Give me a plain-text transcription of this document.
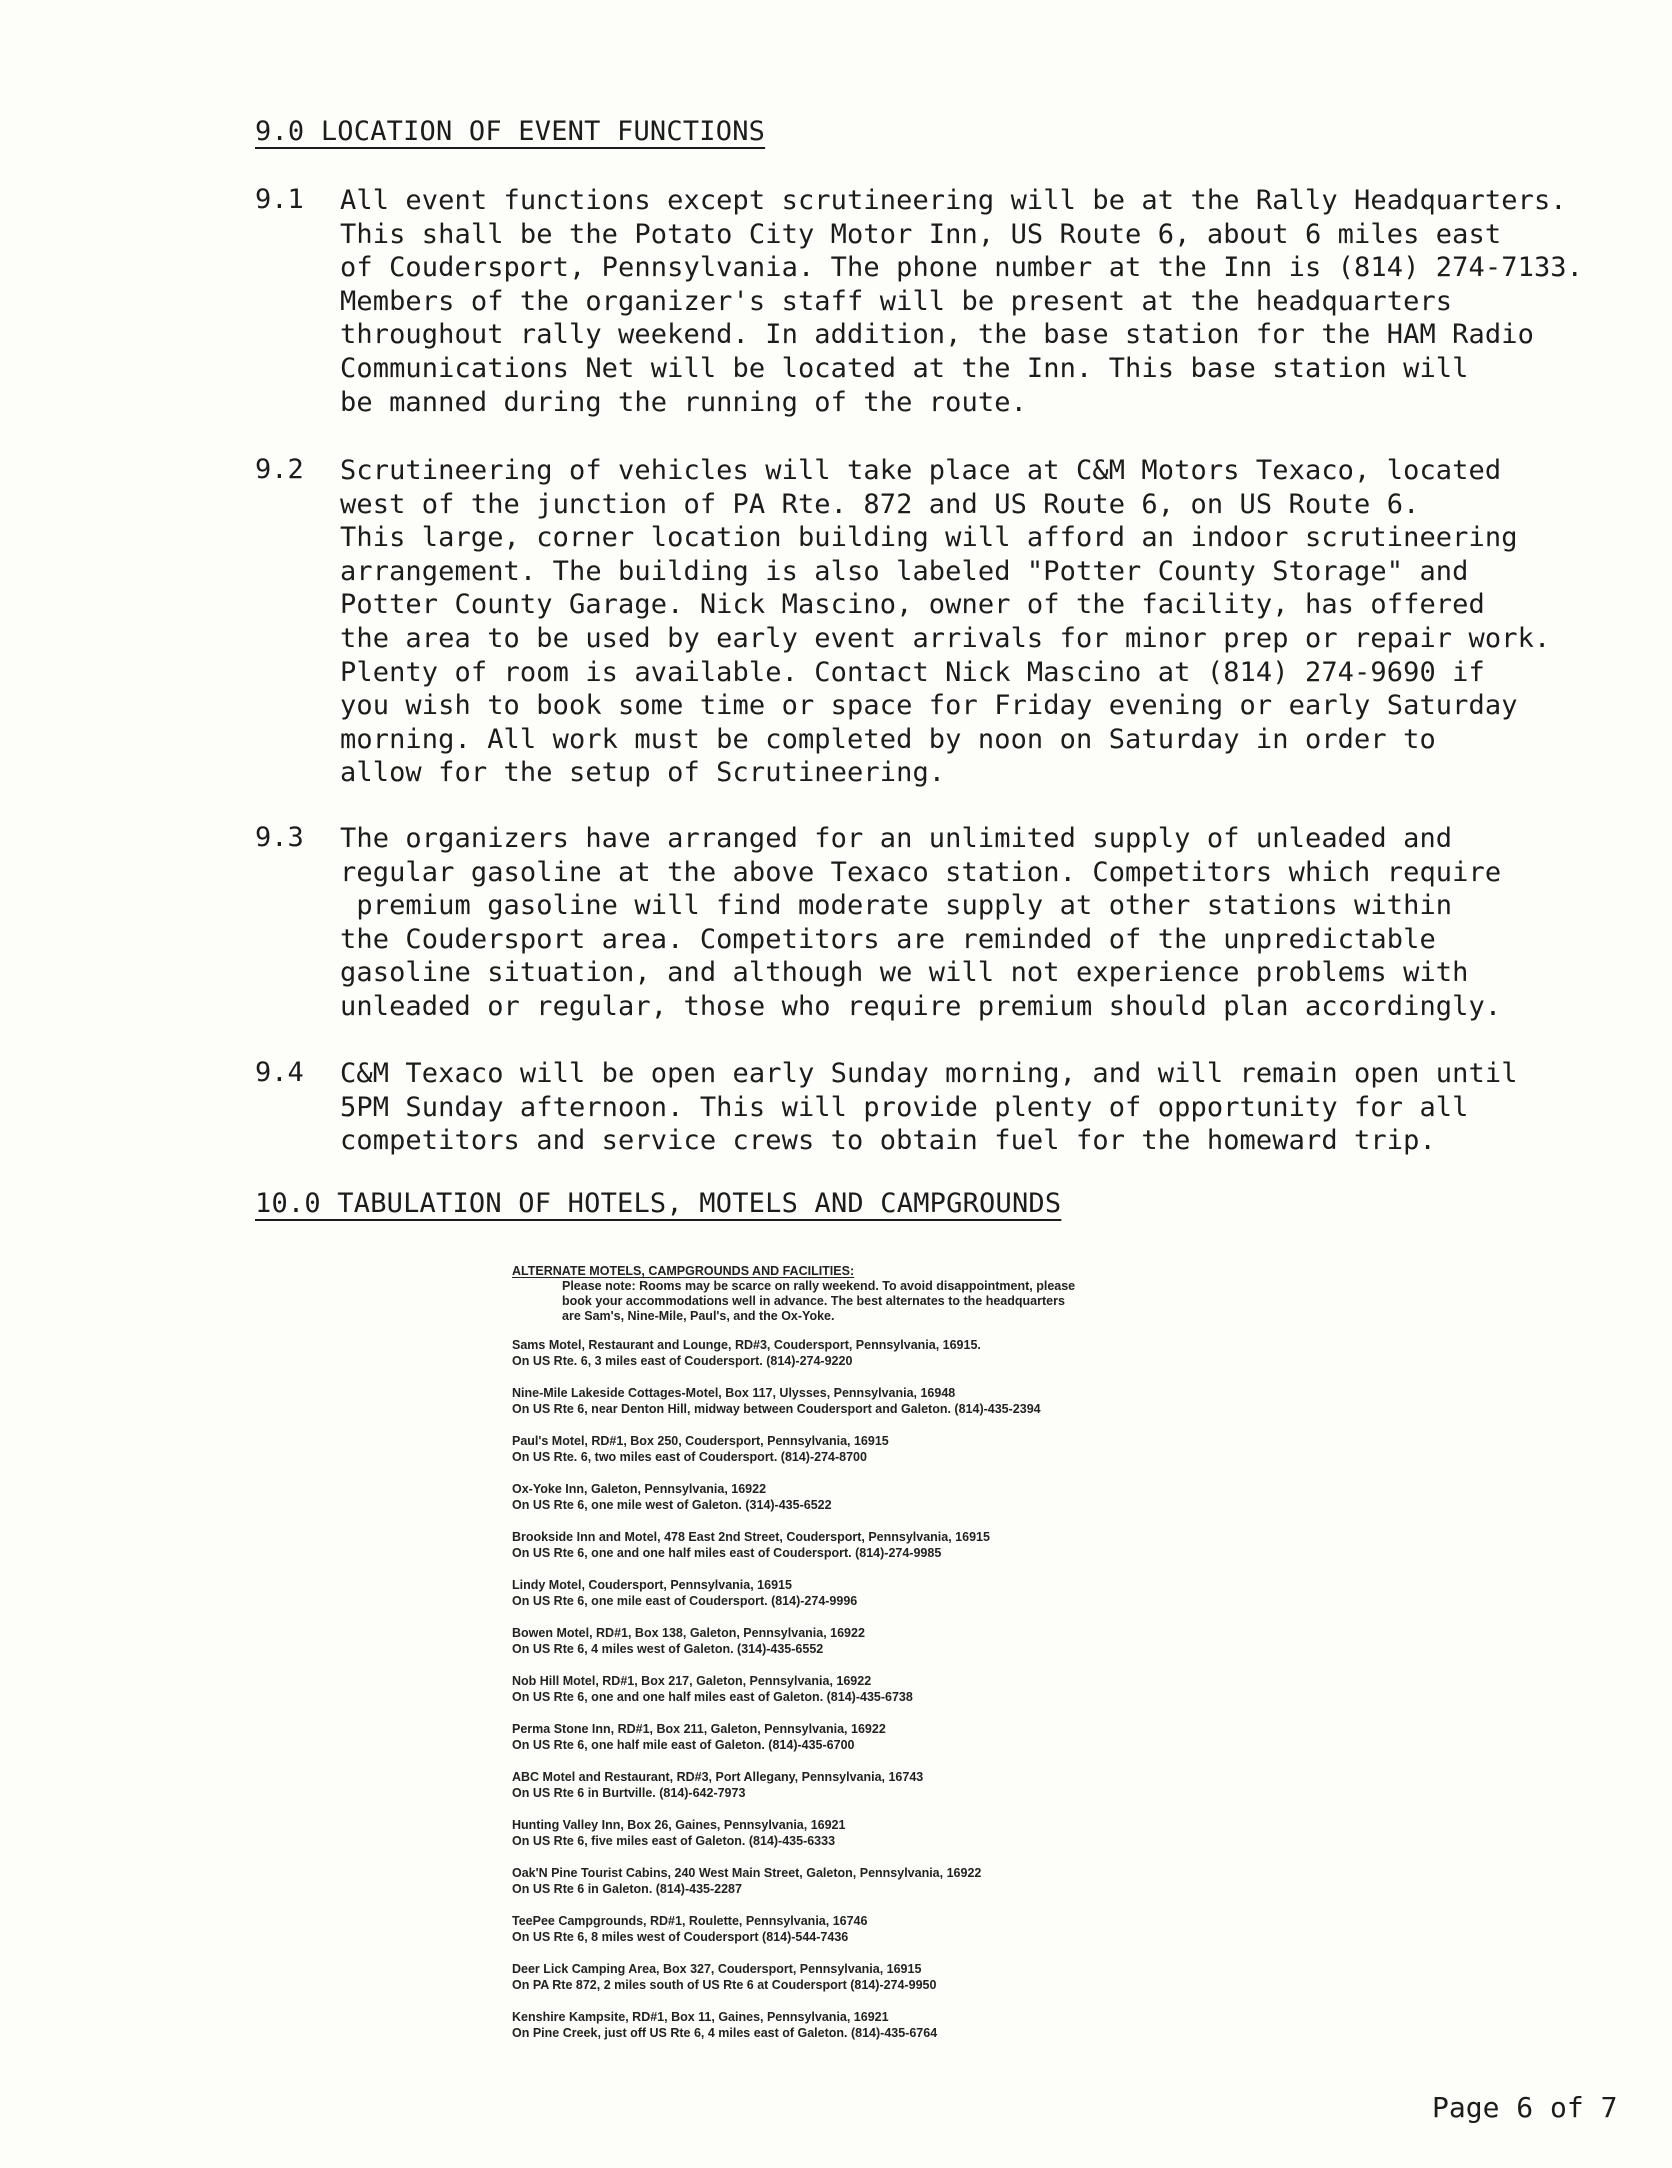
9.0 LOCATION OF EVENT FUNCTIONS
9.1 All event functions except scrutineering will be at the Rally Headquarters.
This shall be the Potato City Motor Inn, US Route 6, about 6 miles east
of Coudersport, Pennsylvania. The phone number at the Inn is (814) 274-7133.
Members of the organizer's staff will be present at the headquarters
throughout rally weekend. In addition, the base station for the HAM Radio
Communications Net will be located at the Inn. This base station will
be manned during the running of the route.
9.2 Scrutineering of vehicles will take place at C&M Motors Texaco, located
west of the junction of PA Rte. 872 and US Route 6, on US Route 6.
This large, corner location building will afford an indoor scrutineering
arrangement. The building is also labeled "Potter County Storage" and
Potter County Garage. Nick Mascino, owner of the facility, has offered
the area to be used by early event arrivals for minor prep or repair work.
Plenty of room is available. Contact Nick Mascino at (814) 274-9690 if
you wish to book some time or space for Friday evening or early Saturday
morning. All work must be completed by noon on Saturday in order to
allow for the setup of Scrutineering.
9.3 The organizers have arranged for an unlimited supply of unleaded and
regular gasoline at the above Texaco station. Competitors which require
premium gasoline will find moderate supply at other stations within
the Coudersport area. Competitors are reminded of the unpredictable
gasoline situation, and although we will not experience problems with
unleaded or regular, those who require premium should plan accordingly.
9.4 C&M Texaco will be open early Sunday morning, and will remain open until
5PM Sunday afternoon. This will provide plenty of opportunity for all
competitors and service crews to obtain fuel for the homeward trip.
10.0 TABULATION OF HOTELS, MOTELS AND CAMPGROUNDS
ALTERNATE MOTELS, CAMPGROUNDS AND FACILITIES:
Please note: Rooms may be scarce on rally weekend. To avoid disappointment, please
book your accommodations well in advance. The best alternates to the headquarters
are Sam's, Nine-Mile, Paul's, and the Ox-Yoke.
Sams Motel, Restaurant and Lounge, RD#3, Coudersport, Pennsylvania, 16915.
On US Rte. 6, 3 miles east of Coudersport. (814)-274-9220
Nine-Mile Lakeside Cottages-Motel, Box 117, Ulysses, Pennsylvania, 16948
On US Rte 6, near Denton Hill, midway between Coudersport and Galeton. (814)-435-2394
Paul's Motel, RD#1, Box 250, Coudersport, Pennsylvania, 16915
On US Rte. 6, two miles east of Coudersport. (814)-274-8700
Ox-Yoke Inn, Galeton, Pennsylvania, 16922
On US Rte 6, one mile west of Galeton. (314)-435-6522
Brookside Inn and Motel, 478 East 2nd Street, Coudersport, Pennsylvania, 16915
On US Rte 6, one and one half miles east of Coudersport. (814)-274-9985
Lindy Motel, Coudersport, Pennsylvania, 16915
On US Rte 6, one mile east of Coudersport. (814)-274-9996
Bowen Motel, RD#1, Box 138, Galeton, Pennsylvania, 16922
On US Rte 6, 4 miles west of Galeton. (314)-435-6552
Nob Hill Motel, RD#1, Box 217, Galeton, Pennsylvania, 16922
On US Rte 6, one and one half miles east of Galeton. (814)-435-6738
Perma Stone Inn, RD#1, Box 211, Galeton, Pennsylvania, 16922
On US Rte 6, one half mile east of Galeton. (814)-435-6700
ABC Motel and Restaurant, RD#3, Port Allegany, Pennsylvania, 16743
On US Rte 6 in Burtville. (814)-642-7973
Hunting Valley Inn, Box 26, Gaines, Pennsylvania, 16921
On US Rte 6, five miles east of Galeton. (814)-435-6333
Oak'N Pine Tourist Cabins, 240 West Main Street, Galeton, Pennsylvania, 16922
On US Rte 6 in Galeton. (814)-435-2287
TeePee Campgrounds, RD#1, Roulette, Pennsylvania, 16746
On US Rte 6, 8 miles west of Coudersport (814)-544-7436
Deer Lick Camping Area, Box 327, Coudersport, Pennsylvania, 16915
On PA Rte 872, 2 miles south of US Rte 6 at Coudersport (814)-274-9950
Kenshire Kampsite, RD#1, Box 11, Gaines, Pennsylvania, 16921
On Pine Creek, just off US Rte 6, 4 miles east of Galeton. (814)-435-6764
Page 6 of 7
